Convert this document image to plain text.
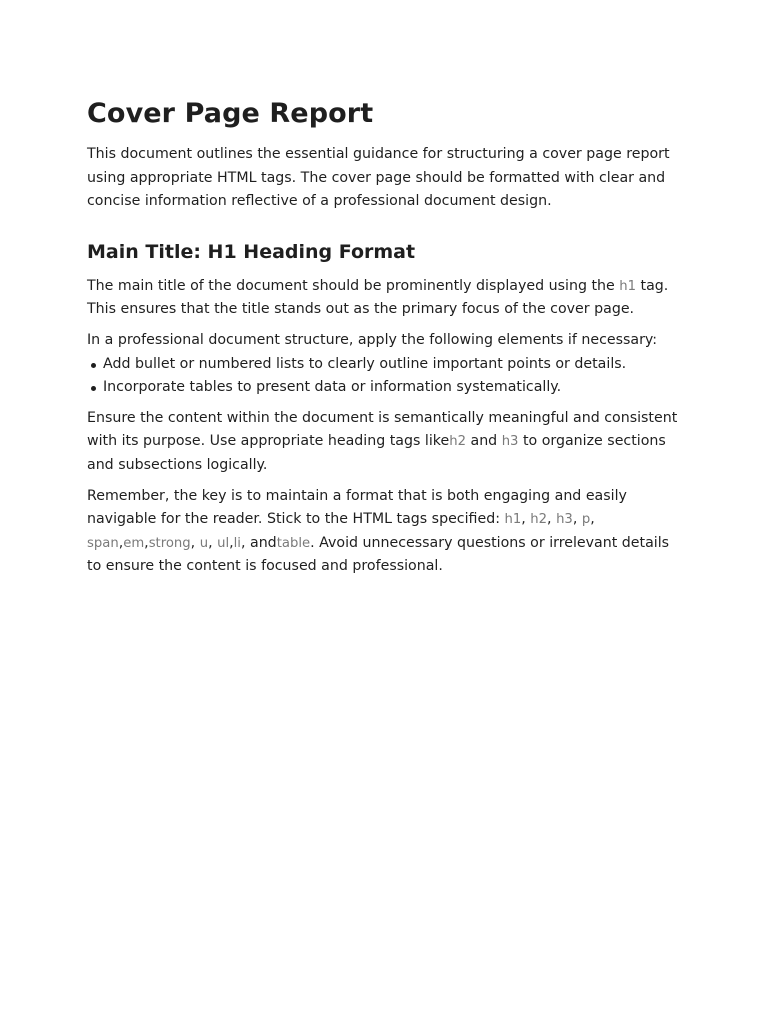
Cover Page Report

This document outlines the essential guidance for structuring a cover page report using appropriate HTML tags. The cover page should be formatted with clear and concise information reflective of a professional document design.

Main Title: H1 Heading Format

The main title of the document should be prominently displayed using the h1 tag. This ensures that the title stands out as the primary focus of the cover page.

In a professional document structure, apply the following elements if necessary:

Add bullet or numbered lists to clearly outline important points or details.
Incorporate tables to present data or information systematically.

Ensure the content within the document is semantically meaningful and consistent with its purpose. Use appropriate heading tags likeh2 and h3 to organize sections and subsections logically.

Remember, the key is to maintain a format that is both engaging and easily navigable for the reader. Stick to the HTML tags specified: h1, h2, h3, p, span,em,strong, u, ul,li, andtable. Avoid unnecessary questions or irrelevant details to ensure the content is focused and professional.
